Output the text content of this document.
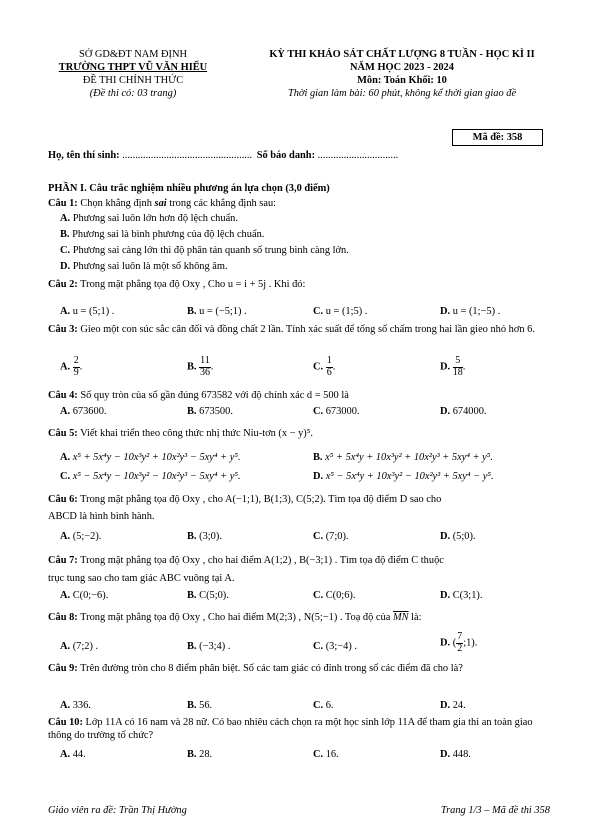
SỞ GD&ĐT NAM ĐỊNH
TRƯỜNG THPT VŨ VĂN HIẾU
ĐỀ THI CHÍNH THỨC
(Đề thi có: 03 trang)
KỲ THI KHẢO SÁT CHẤT LƯỢNG 8 TUẦN - HỌC KÌ II
NĂM HỌC 2023 - 2024
Môn: Toán Khối: 10
Thời gian làm bài: 60 phút, không kể thời gian giao đề
Mã đề: 358
Họ, tên thí sinh: .................................................. Số báo danh: ...............................
PHẦN I. Câu trắc nghiệm nhiều phương án lựa chọn (3,0 điểm)
Câu 1: Chọn khẳng định sai trong các khẳng định sau:
A. Phương sai luôn lớn hơn độ lệch chuẩn.
B. Phương sai là bình phương của độ lệch chuẩn.
C. Phương sai càng lớn thì độ phân tán quanh số trung bình càng lớn.
D. Phương sai luôn là một số không âm.
Câu 2: Trong mặt phẳng tọa độ Oxy , Cho u = i + 5j . Khi đó:
A. u = (5;1) .	B. u = (−5;1) .	C. u = (1;5) .	D. u = (1;−5) .
Câu 3: Gieo một con súc sắc cân đối và đồng chất 2 lần. Tính xác suất để tổng số chấm trong hai lần gieo nhỏ hơn 6.
A. $\frac{2}{9}$ .	B. $\frac{11}{36}$ .	C. $\frac{1}{6}$ .	D. $\frac{5}{18}$ .
Câu 4: Số quy tròn của số gần đúng 673582 với độ chính xác d = 500 là
A. 673600.	B. 673500.	C. 673000.	D. 674000.
Câu 5: Viết khai triển theo công thức nhị thức Niu-tơn (x − y)⁵.
A. x⁵ + 5x⁴y − 10x³y² + 10x²y³ − 5xy⁴ + y⁵.	B. x⁵ + 5x⁴y + 10x³y² + 10x²y³ + 5xy⁴ + y⁵.
C. x⁵ − 5x⁴y − 10x³y² − 10x²y³ − 5xy⁴ + y⁵.	D. x⁵ − 5x⁴y + 10x³y² − 10x²y³ + 5xy⁴ − y⁵.
Câu 6: Trong mặt phẳng tọa độ Oxy , cho A(−1;1), B(1;3), C(5;2). Tìm tọa độ điểm D sao cho
ABCD là hình bình hành.
A. (5;−2).	B. (3;0).	C. (7;0).	D. (5;0).
Câu 7: Trong mặt phẳng tọa độ Oxy , cho hai điểm A(1;2) , B(−3;1) . Tìm tọa độ điểm C thuộc
trục tung sao cho tam giác ABC vuông tại A.
A. C(0;−6).	B. C(5;0).	C. C(0;6).	D. C(3;1).
Câu 8: Trong mặt phẳng tọa độ Oxy , Cho hai điểm M(2;3) , N(5;−1) . Toạ độ của $\overline{MN}$ là:
A. (7;2) .	B. (−3;4) .	C. (3;−4) .	D. ( $\frac{7}{2}$ ;1).
Câu 9: Trên đường tròn cho 8 điểm phân biệt. Số các tam giác có đỉnh trong số các điểm đã cho là?
A. 336.	B. 56.	C. 6.	D. 24.
Câu 10: Lớp 11A có 16 nam và 28 nữ. Có bao nhiêu cách chọn ra một học sinh lớp 11A để tham gia thi an toàn giao thông do trường tổ chức?
A. 44.	B. 28.	C. 16.	D. 448.
Giáo viên ra đề: Trần Thị Hường	Trang 1/3 – Mã đề thi 358
